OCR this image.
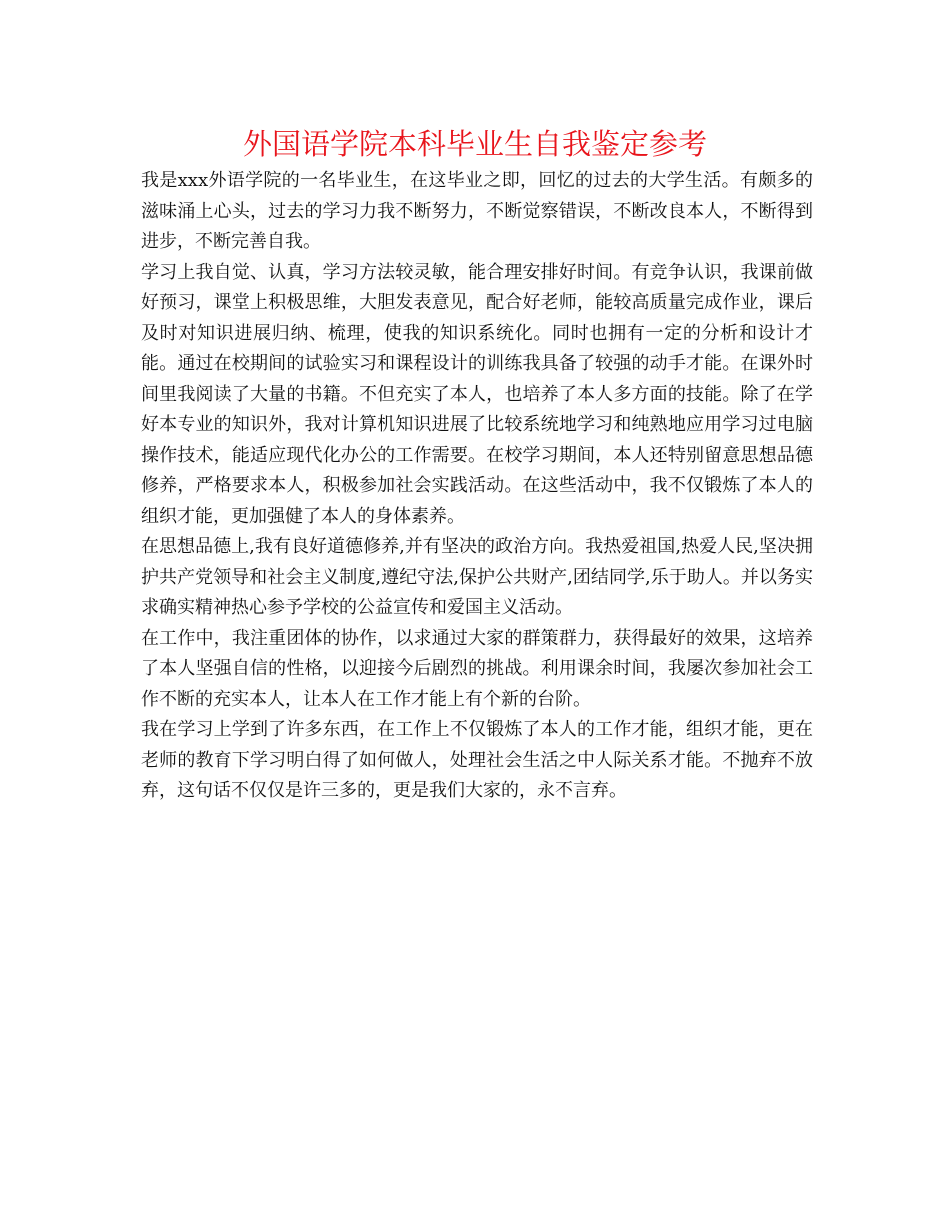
外国语学院本科毕业生自我鉴定参考

我是xxx外语学院的一名毕业生，在这毕业之即，回忆的过去的大学生活。有颇多的滋味涌上心头，过去的学习力我不断努力，不断觉察错误，不断改良本人，不断得到进步，不断完善自我。

学习上我自觉、认真，学习方法较灵敏，能合理安排好时间。有竞争认识，我课前做好预习，课堂上积极思维，大胆发表意见，配合好老师，能较高质量完成作业，课后及时对知识进展归纳、梳理，使我的知识系统化。同时也拥有一定的分析和设计才能。通过在校期间的试验实习和课程设计的训练我具备了较强的动手才能。在课外时间里我阅读了大量的书籍。不但充实了本人，也培养了本人多方面的技能。除了在学好本专业的知识外，我对计算机知识进展了比较系统地学习和纯熟地应用学习过电脑操作技术，能适应现代化办公的工作需要。在校学习期间，本人还特别留意思想品德修养，严格要求本人，积极参加社会实践活动。在这些活动中，我不仅锻炼了本人的组织才能，更加强健了本人的身体素养。

在思想品德上,我有良好道德修养,并有坚决的政治方向。我热爱祖国,热爱人民,坚决拥护共产党领导和社会主义制度,遵纪守法,保护公共财产,团结同学,乐于助人。并以务实求确实精神热心参予学校的公益宣传和爱国主义活动。

在工作中，我注重团体的协作，以求通过大家的群策群力，获得最好的效果，这培养了本人坚强自信的性格，以迎接今后剧烈的挑战。利用课余时间，我屡次参加社会工作不断的充实本人，让本人在工作才能上有个新的台阶。

我在学习上学到了许多东西，在工作上不仅锻炼了本人的工作才能，组织才能，更在老师的教育下学习明白得了如何做人，处理社会生活之中人际关系才能。不抛弃不放弃，这句话不仅仅是许三多的，更是我们大家的，永不言弃。
